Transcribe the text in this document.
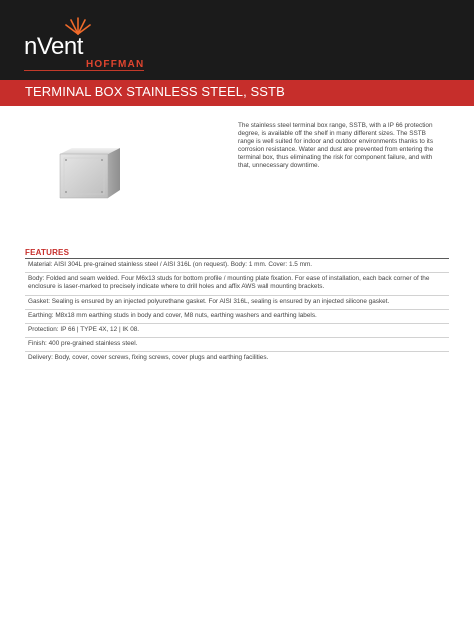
nVent
HOFFMAN
TERMINAL BOX STAINLESS STEEL, SSTB

The stainless steel terminal box range, SSTB, with a IP 66 protection degree, is available off the shelf in many different sizes. The SSTB range is well suited for indoor and outdoor environments thanks to its corrosion resistance. Water and dust are prevented from entering the terminal box, thus eliminating the risk for component failure, and with that, unnecessary downtime.

FEATURES
Material: AISI 304L pre-grained stainless steel / AISI 316L (on request). Body: 1 mm. Cover: 1.5 mm.
Body: Folded and seam welded. Four M6x13 studs for bottom profile / mounting plate fixation. For ease of installation, each back corner of the enclosure is laser-marked to precisely indicate where to drill holes and affix AWS wall mounting brackets.
Gasket: Sealing is ensured by an injected polyurethane gasket. For AISI 316L, sealing is ensured by an injected silicone gasket.
Earthing: M8x18 mm earthing studs in body and cover, M8 nuts, earthing washers and earthing labels.
Protection: IP 66 | TYPE 4X, 12 | IK 08.
Finish: 400 pre-grained stainless steel.
Delivery: Body, cover, cover screws, fixing screws, cover plugs and earthing facilities.
